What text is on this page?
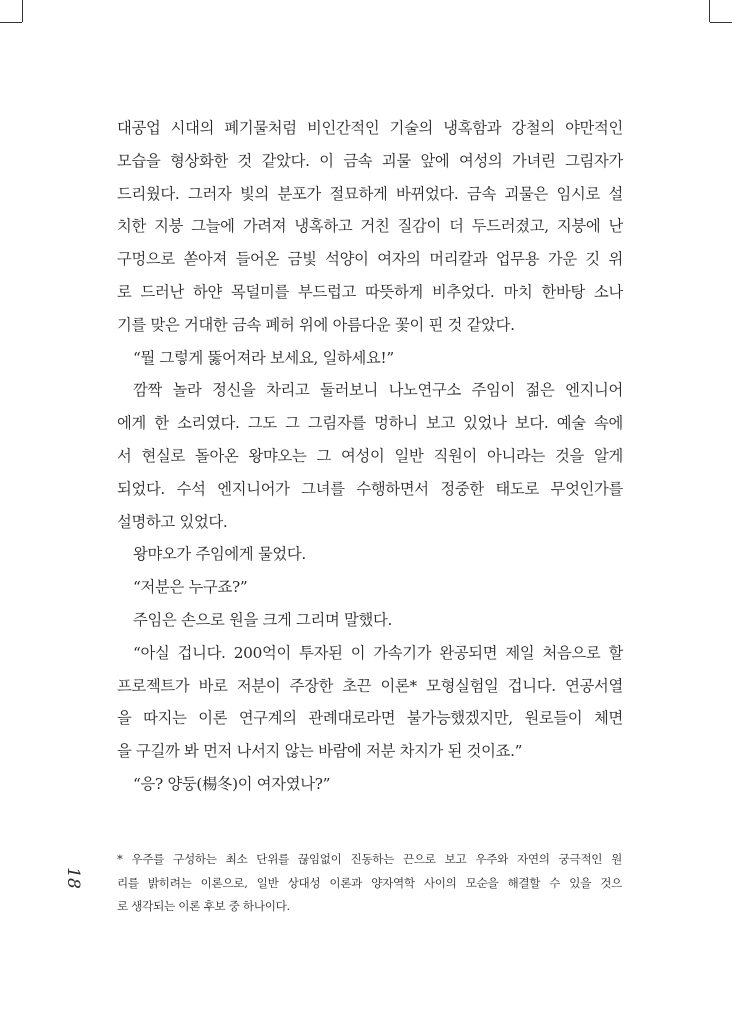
대공업 시대의 폐기물처럼 비인간적인 기술의 냉혹함과 강철의 야만적인
모습을 형상화한 것 같았다. 이 금속 괴물 앞에 여성의 가녀린 그림자가
드리웠다. 그러자 빛의 분포가 절묘하게 바뀌었다. 금속 괴물은 임시로 설
치한 지붕 그늘에 가려져 냉혹하고 거친 질감이 더 두드러졌고, 지붕에 난
구멍으로 쏟아져 들어온 금빛 석양이 여자의 머리칼과 업무용 가운 깃 위
로 드러난 하얀 목덜미를 부드럽고 따뜻하게 비추었다. 마치 한바탕 소나
기를 맞은 거대한 금속 폐허 위에 아름다운 꽃이 핀 것 같았다.
“뭘 그렇게 뚫어져라 보세요, 일하세요!”
깜짝 놀라 정신을 차리고 둘러보니 나노연구소 주임이 젊은 엔지니어
에게 한 소리였다. 그도 그 그림자를 멍하니 보고 있었나 보다. 예술 속에
서 현실로 돌아온 왕먀오는 그 여성이 일반 직원이 아니라는 것을 알게
되었다. 수석 엔지니어가 그녀를 수행하면서 정중한 태도로 무엇인가를
설명하고 있었다.
왕먀오가 주임에게 물었다.
“저분은 누구죠?”
주임은 손으로 원을 크게 그리며 말했다.
“아실 겁니다. 200억이 투자된 이 가속기가 완공되면 제일 처음으로 할
프로젝트가 바로 저분이 주장한 초끈 이론* 모형실험일 겁니다. 연공서열
을 따지는 이론 연구계의 관례대로라면 불가능했겠지만, 원로들이 체면
을 구길까 봐 먼저 나서지 않는 바람에 저분 차지가 된 것이죠.”
“응? 양둥(楊冬)이 여자였나?”
* 우주를 구성하는 최소 단위를 끊임없이 진동하는 끈으로 보고 우주와 자연의 궁극적인 원
리를 밝히려는 이론으로, 일반 상대성 이론과 양자역학 사이의 모순을 해결할 수 있을 것으
로 생각되는 이론 후보 중 하나이다.
18
